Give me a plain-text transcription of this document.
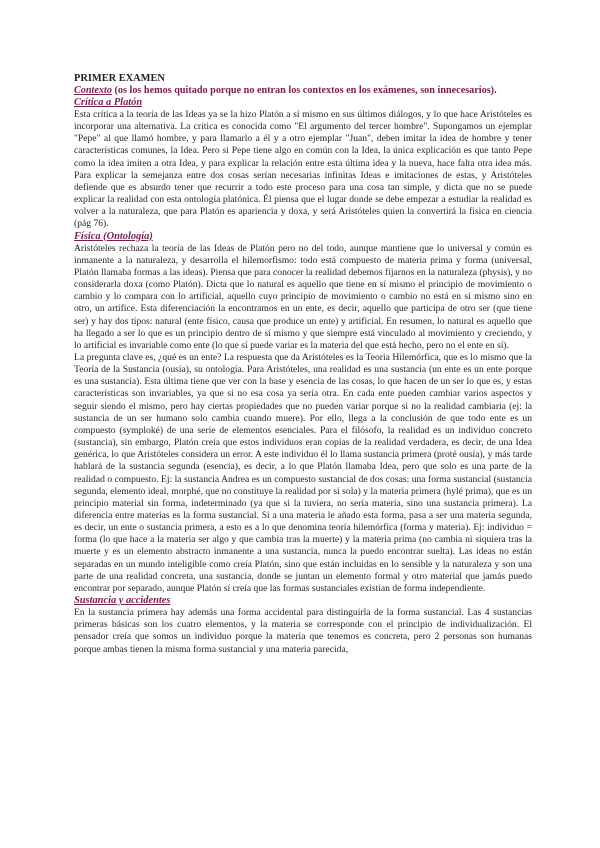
PRIMER EXAMEN

Contexto (os los hemos quitado porque no entran los contextos en los exámenes, son innecesarios).

Crítica a Platón

Esta crítica a la teoría de las Ideas ya se la hizo Platón a sí mismo en sus últimos diálogos, y lo que hace Aristóteles es incorporar una alternativa. La crítica es conocida como "El argumento del tercer hombre". Supongamos un ejemplar "Pepe" al que llamó hombre, y para llamarlo a él y a otro ejemplar "Juan", deben imitar la idea de hombre y tener características comunes, la Idea. Pero si Pepe tiene algo en común con la Idea, la única explicación es que tanto Pepe como la idea imiten a otra Idea, y para explicar la relación entre esta última idea y la nueva, hace falta otra idea más. Para explicar la semejanza entre dos cosas serían necesarias infinitas Ideas e imitaciones de estas, y Aristóteles defiende que es absurdo tener que recurrir a todo este proceso para una cosa tan simple, y dicta que no se puede explicar la realidad con esta ontología platónica. Él piensa que el lugar donde se debe empezar a estudiar la realidad es volver a la naturaleza, que para Platón es apariencia y doxa, y será Aristóteles quien la convertirá la física en ciencia (pág 76).

Física (Ontología)

Aristóteles rechaza la teoría de las Ideas de Platón pero no del todo, aunque mantiene que lo universal y común es inmanente a la naturaleza, y desarrolla el hilemorfismo: todo está compuesto de materia prima y forma (universal, Platón llamaba formas a las ideas). Piensa que para conocer la realidad debemos fijarnos en la naturaleza (physis), y no considerarla doxa (como Platón). Dicta que lo natural es aquello que tiene en sí mismo el principio de movimiento o cambio y lo compara con lo artificial, aquello cuyo principio de movimiento o cambio no está en sí mismo sino en otro, un artífice. Esta diferenciación la encontramos en un ente, es decir, aquello que participa de otro ser (que tiene ser) y hay dos tipos: natural (ente físico, causa que produce un ente) y artificial. En resumen, lo natural es aquello que ha llegado a ser lo que es un principio dentro de sí mismo y que siempre está vinculado al movimiento y creciendo, y lo artificial es invariable como ente (lo que sí puede variar es la materia del que está hecho, pero no el ente en sí).

La pregunta clave es, ¿qué es un ente? La respuesta que da Aristóteles es la Teoría Hilemórfica, que es lo mismo que la Teoría de la Sustancia (ousía), su ontología. Para Aristóteles, una realidad es una sustancia (un ente es un ente porque es una sustancia). Esta última tiene que ver con la base y esencia de las cosas, lo que hacen de un ser lo que es, y estas características son invariables, ya que si no esa cosa ya sería otra. En cada ente pueden cambiar varios aspectos y seguir siendo el mismo, pero hay ciertas propiedades que no pueden variar porque si no la realidad cambiaría (ej: la sustancia de un ser humano solo cambia cuando muere). Por ello, llega a la conclusión de que todo ente es un compuesto (symploké) de una serie de elementos esenciales. Para el filósofo, la realidad es un individuo concreto (sustancia), sin embargo, Platón creía que estos individuos eran copias de la realidad verdadera, es decir, de una Idea genérica, lo que Aristóteles considera un error. A este individuo él lo llama sustancia primera (proté ousía), y más tarde hablará de la sustancia segunda (esencia), es decir, a lo que Platón llamaba Idea, pero que solo es una parte de la realidad o compuesto. Ej: la sustancia Andrea es un compuesto sustancial de dos cosas: una forma sustancial (sustancia segunda, elemento ideal, morphé, que no constituye la realidad por sí sola) y la materia primera (hylé prima), que es un principio material sin forma, indeterminado (ya que si la tuviera, no sería materia, sino una sustancia primera). La diferencia entre materias es la forma sustancial. Si a una materia le añado esta forma, pasa a ser una materia segunda, es decir, un ente o sustancia primera, a esto es a lo que denomina teoría hilemórfica (forma y materia). Ej: individuo = forma (lo que hace a la materia ser algo y que cambia tras la muerte) y la materia prima (no cambia ni siquiera tras la muerte y es un elemento abstracto inmanente a una sustancia, nunca la puedo encontrar suelta). Las ideas no están separadas en un mundo inteligible como creía Platón, sino que están incluidas en lo sensible y la naturaleza y son una parte de una realidad concreta, una sustancia, donde se juntan un elemento formal y otro material que jamás puedo encontrar por separado, aunque Platón sí creía que las formas sustanciales existían de forma independiente.

Sustancia y accidentes

En la sustancia primera hay además una forma accidental para distinguirla de la forma sustancial. Las 4 sustancias primeras básicas son los cuatro elementos, y la materia se corresponde con el principio de individualización. El pensador creía que somos un individuo porque la materia que tenemos es concreta, pero 2 personas son humanas porque ambas tienen la misma forma sustancial y una materia parecida,
